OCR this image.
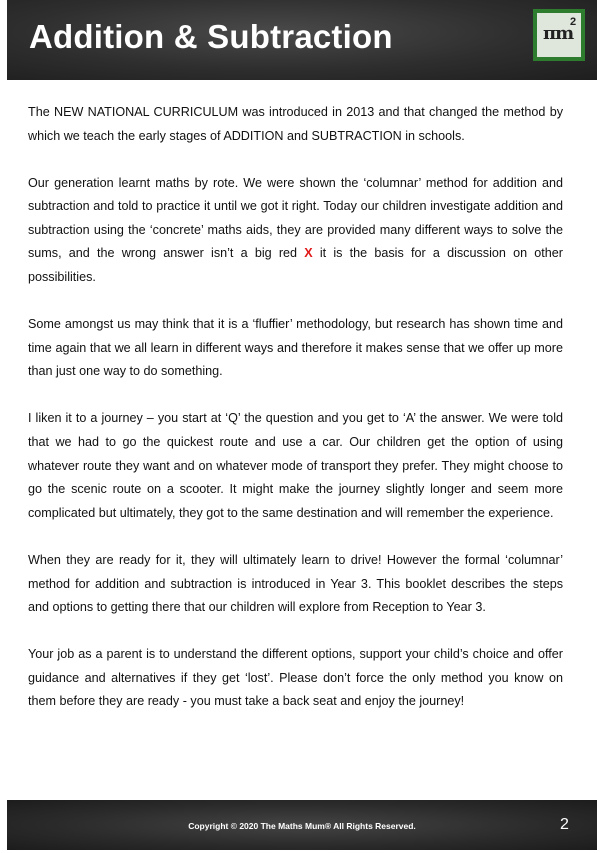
Addition & Subtraction	πm
2

The NEW NATIONAL CURRICULUM was introduced in 2013 and that changed the method by which we teach the early stages of ADDITION and SUBTRACTION in schools.

Our generation learnt maths by rote. We were shown the ‘columnar’ method for addition and subtraction and told to practice it until we got it right. Today our children investigate addition and subtraction using the ‘concrete’ maths aids, they are provided many different ways to solve the sums, and the wrong answer isn’t a big red X it is the basis for a discussion on other possibilities.

Some amongst us may think that it is a ‘fluffier’ methodology, but research has shown time and time again that we all learn in different ways and therefore it makes sense that we offer up more than just one way to do something.

I liken it to a journey – you start at ‘Q’ the question and you get to ‘A’ the answer. We were told that we had to go the quickest route and use a car. Our children get the option of using whatever route they want and on whatever mode of transport they prefer. They might choose to go the scenic route on a scooter. It might make the journey slightly longer and seem more complicated but ultimately, they got to the same destination and will remember the experience.

When they are ready for it, they will ultimately learn to drive! However the formal ‘columnar’ method for addition and subtraction is introduced in Year 3. This booklet describes the steps and options to getting there that our children will explore from Reception to Year 3.

Your job as a parent is to understand the different options, support your child’s choice and offer guidance and alternatives if they get ‘lost’. Please don’t force the only method you know on them before they are ready - you must take a back seat and enjoy the journey!

Copyright © 2020 The Maths Mum® All Rights Reserved.	2
